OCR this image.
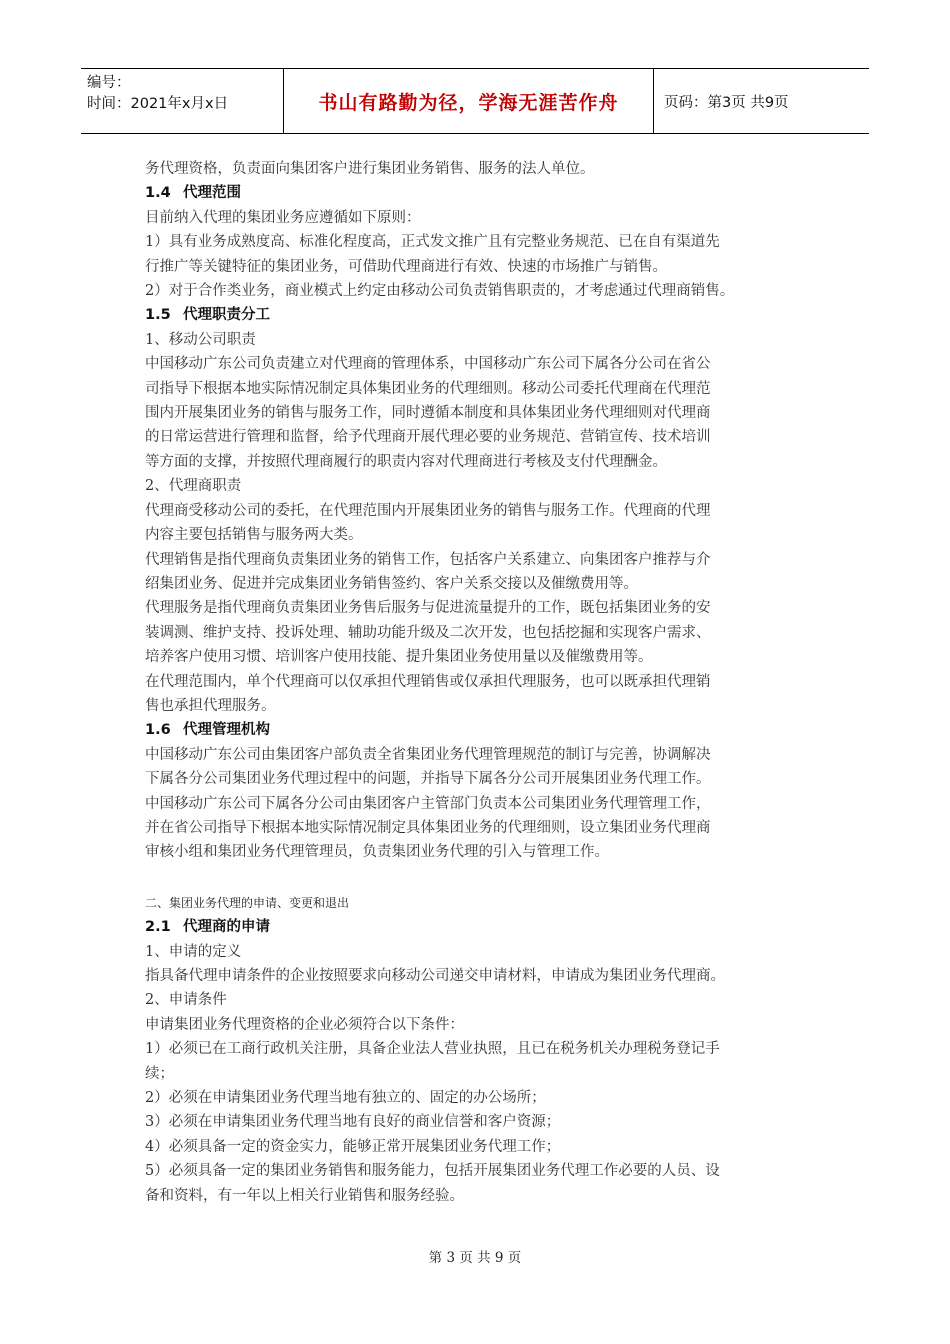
编号：
时间：2021年x月x日	书山有路勤为径，学海无涯苦作舟	页码：第3页 共9页

务代理资格，负责面向集团客户进行集团业务销售、服务的法人单位。

1.4 代理范围

目前纳入代理的集团业务应遵循如下原则：

1）具有业务成熟度高、标准化程度高，正式发文推广且有完整业务规范、已在自有渠道先

行推广等关键特征的集团业务，可借助代理商进行有效、快速的市场推广与销售。

2）对于合作类业务，商业模式上约定由移动公司负责销售职责的，才考虑通过代理商销售。

1.5 代理职责分工

1、移动公司职责

中国移动广东公司负责建立对代理商的管理体系，中国移动广东公司下属各分公司在省公

司指导下根据本地实际情况制定具体集团业务的代理细则。移动公司委托代理商在代理范

围内开展集团业务的销售与服务工作，同时遵循本制度和具体集团业务代理细则对代理商

的日常运营进行管理和监督，给予代理商开展代理必要的业务规范、营销宣传、技术培训

等方面的支撑，并按照代理商履行的职责内容对代理商进行考核及支付代理酬金。

2、代理商职责

代理商受移动公司的委托，在代理范围内开展集团业务的销售与服务工作。代理商的代理

内容主要包括销售与服务两大类。

代理销售是指代理商负责集团业务的销售工作，包括客户关系建立、向集团客户推荐与介

绍集团业务、促进并完成集团业务销售签约、客户关系交接以及催缴费用等。

代理服务是指代理商负责集团业务售后服务与促进流量提升的工作，既包括集团业务的安

装调测、维护支持、投诉处理、辅助功能升级及二次开发，也包括挖掘和实现客户需求、

培养客户使用习惯、培训客户使用技能、提升集团业务使用量以及催缴费用等。

在代理范围内，单个代理商可以仅承担代理销售或仅承担代理服务，也可以既承担代理销

售也承担代理服务。

1.6 代理管理机构

中国移动广东公司由集团客户部负责全省集团业务代理管理规范的制订与完善，协调解决

下属各分公司集团业务代理过程中的问题，并指导下属各分公司开展集团业务代理工作。

中国移动广东公司下属各分公司由集团客户主管部门负责本公司集团业务代理管理工作，

并在省公司指导下根据本地实际情况制定具体集团业务的代理细则，设立集团业务代理商

审核小组和集团业务代理管理员，负责集团业务代理的引入与管理工作。

二、集团业务代理的申请、变更和退出

2.1 代理商的申请

1、申请的定义

指具备代理申请条件的企业按照要求向移动公司递交申请材料，申请成为集团业务代理商。

2、申请条件

申请集团业务代理资格的企业必须符合以下条件：

1）必须已在工商行政机关注册，具备企业法人营业执照，且已在税务机关办理税务登记手

续；

2）必须在申请集团业务代理当地有独立的、固定的办公场所；

3）必须在申请集团业务代理当地有良好的商业信誉和客户资源；

4）必须具备一定的资金实力，能够正常开展集团业务代理工作；

5）必须具备一定的集团业务销售和服务能力，包括开展集团业务代理工作必要的人员、设

备和资料，有一年以上相关行业销售和服务经验。

第 3 页 共 9 页
